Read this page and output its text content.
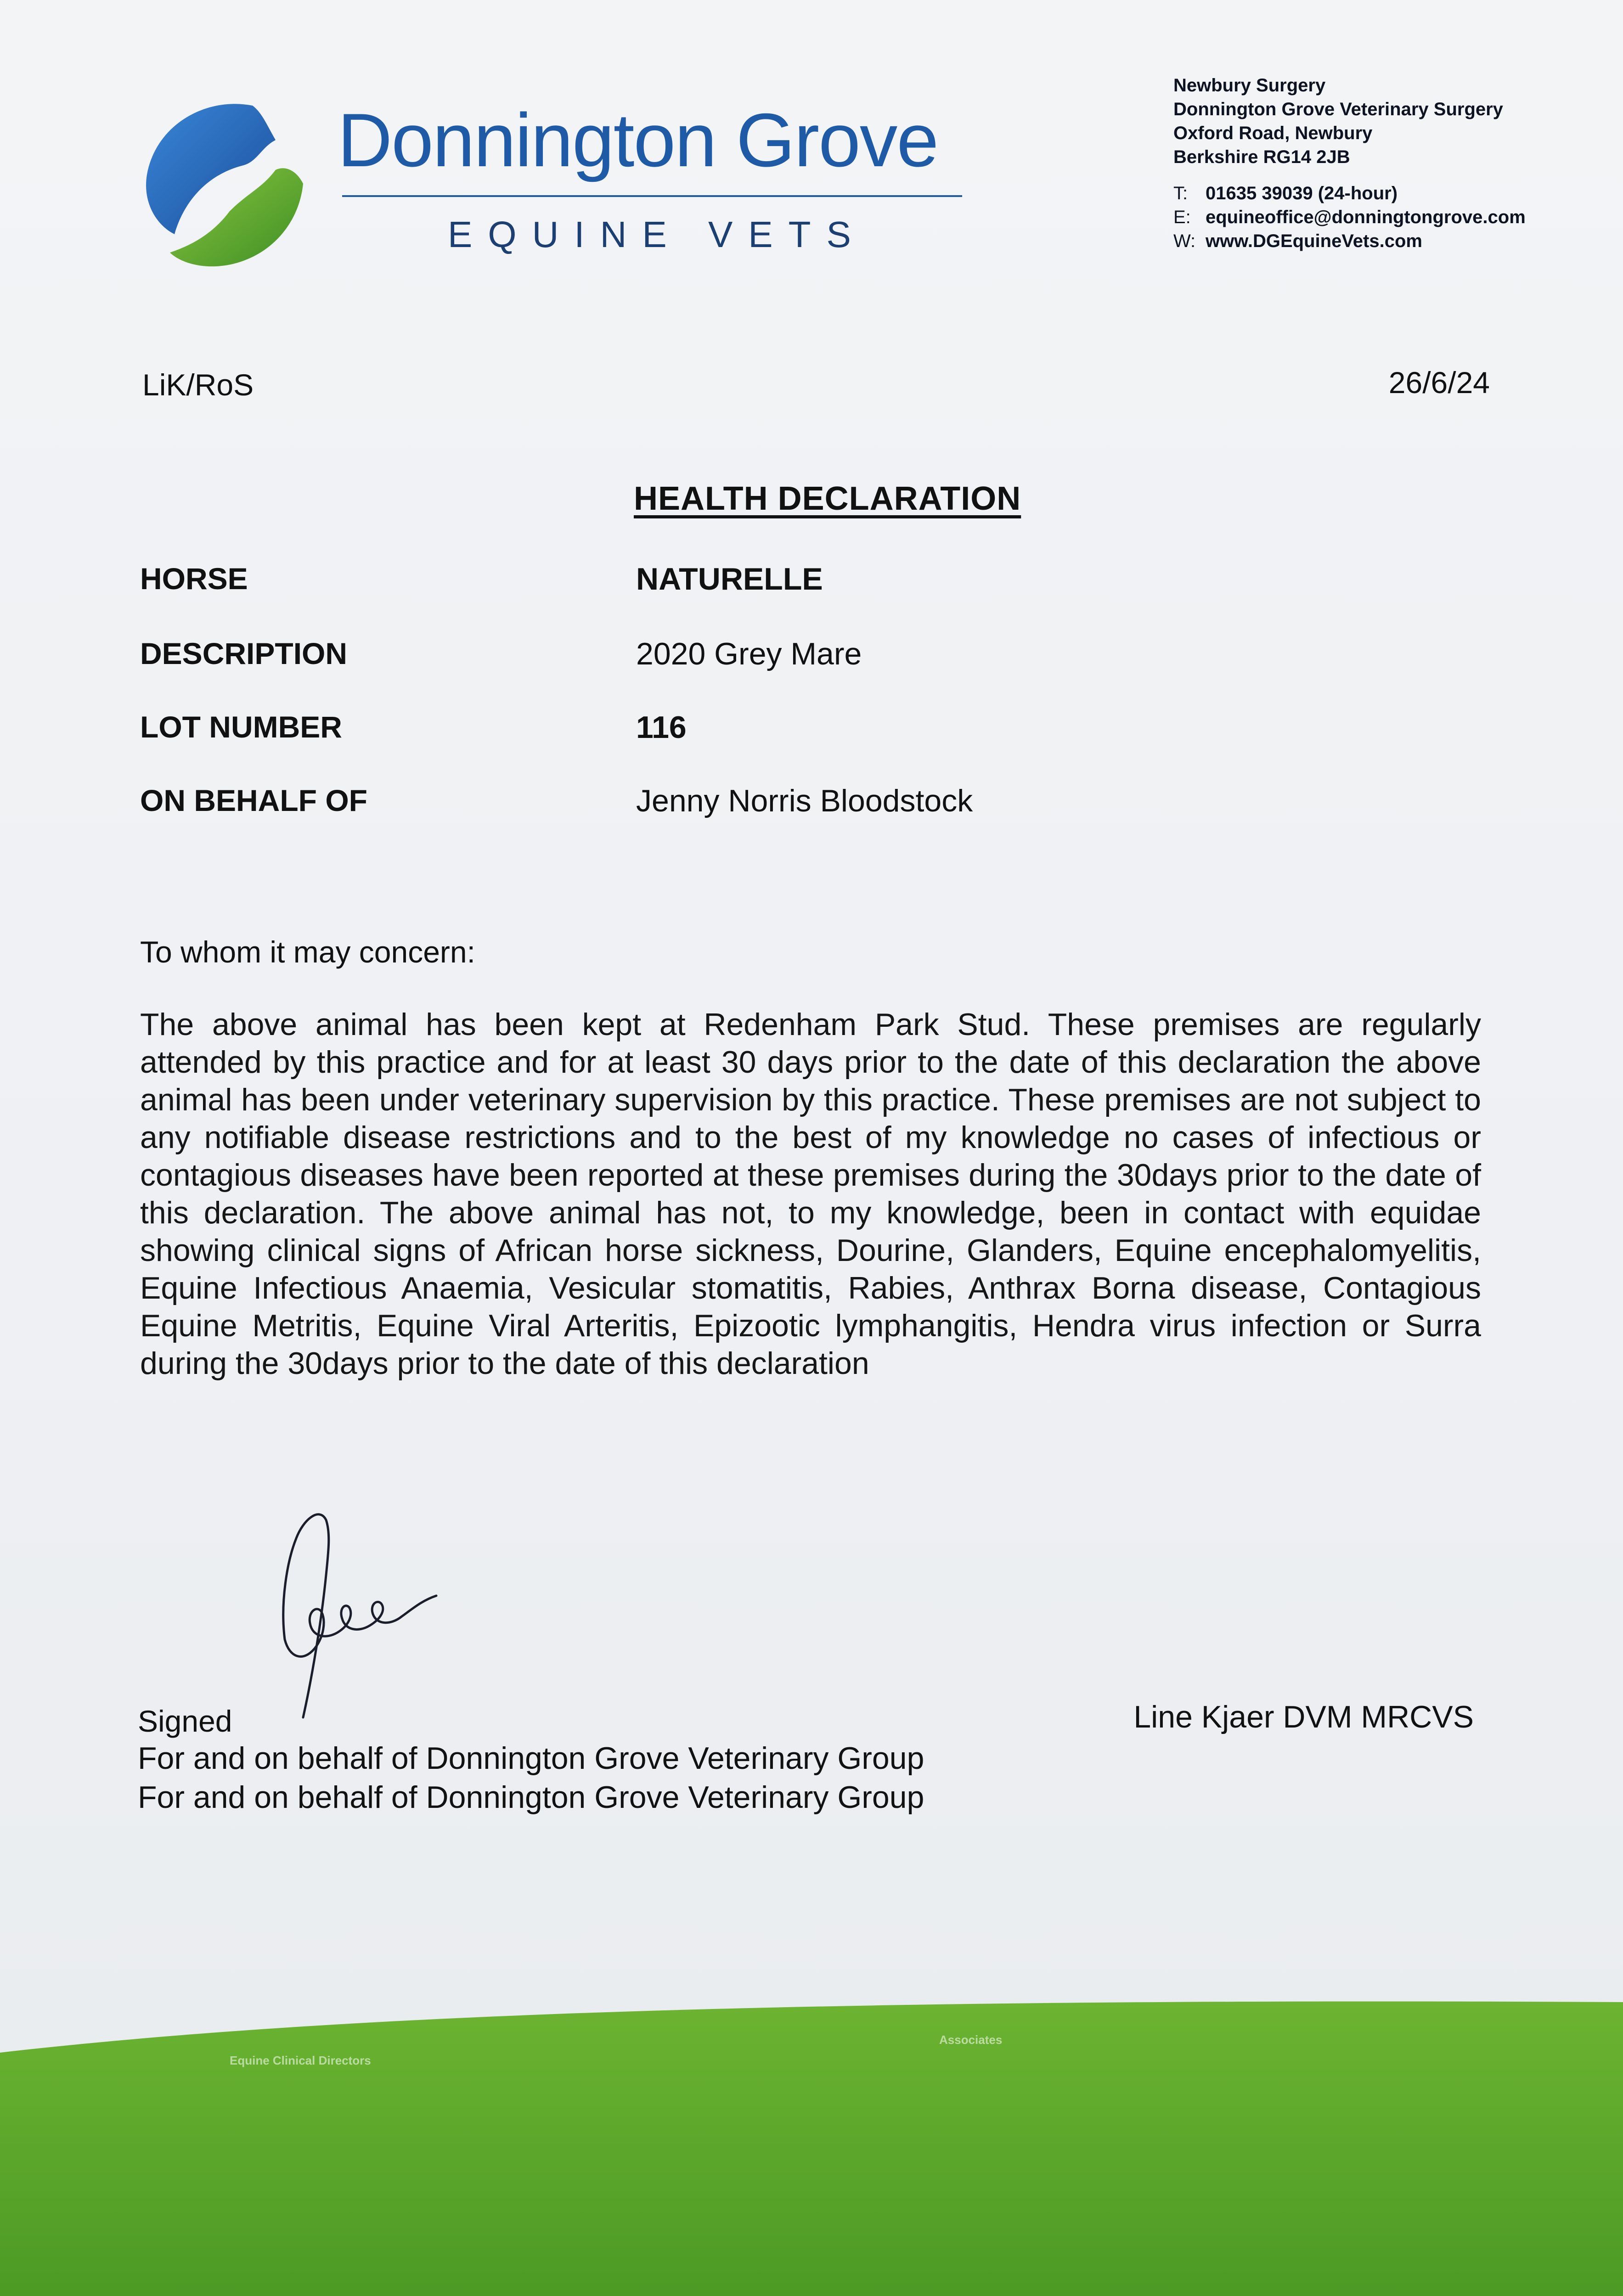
Donnington Grove
EQUINE VETS
Newbury Surgery
Donnington Grove Veterinary Surgery
Oxford Road, Newbury
Berkshire RG14 2JB
T: 01635 39039 (24-hour)
E: equineoffice@donningtongrove.com
W: www.DGEquineVets.com
LiK/RoS	26/6/24
HEALTH DECLARATION
HORSE	NATURELLE
DESCRIPTION	2020 Grey Mare
LOT NUMBER	116
ON BEHALF OF	Jenny Norris Bloodstock
To whom it may concern:
The above animal has been kept at Redenham Park Stud. These premises are regularly attended by this practice and for at least 30 days prior to the date of this declaration the above animal has been under veterinary supervision by this practice. These premises are not subject to any notifiable disease restrictions and to the best of my knowledge no cases of infectious or contagious diseases have been reported at these premises during the 30days prior to the date of this declaration. The above animal has not, to my knowledge, been in contact with equidae showing clinical signs of African horse sickness, Dourine, Glanders, Equine encephalomyelitis, Equine Infectious Anaemia, Vesicular stomatitis, Rabies, Anthrax Borna disease, Contagious Equine Metritis, Equine Viral Arteritis, Epizootic lymphangitis, Hendra virus infection or Surra during the 30days prior to the date of this declaration
Signed
For and on behalf of Donnington Grove Veterinary Group
For and on behalf of Donnington Grove Veterinary Group
Line Kjaer DVM MRCVS
Equine Clinical Directors
Associates
